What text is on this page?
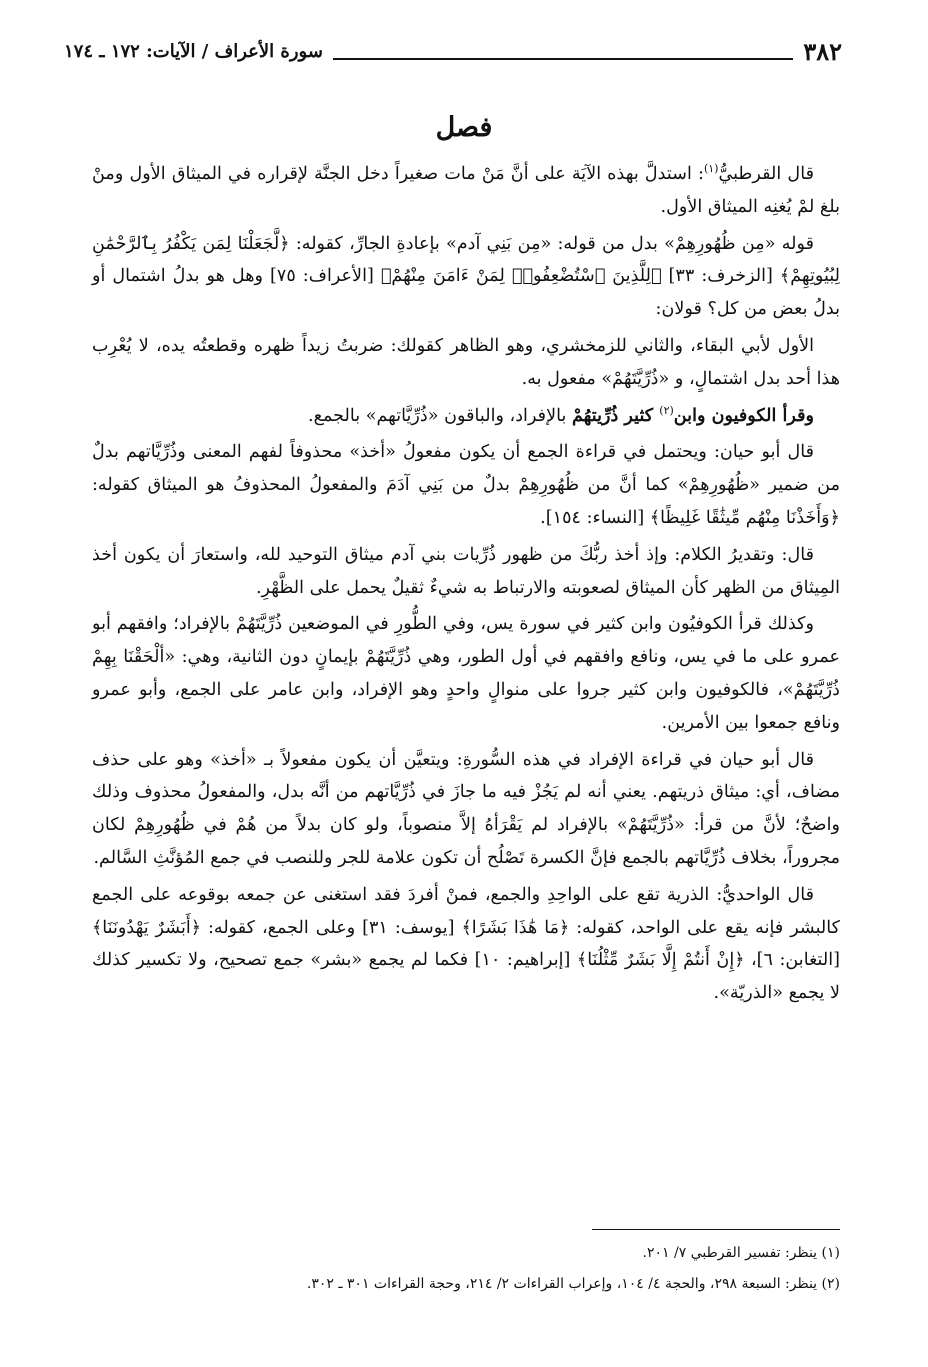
٣٨٢
سورة الأعراف / الآيات: ١٧٢ ـ ١٧٤
فصل

قال القرطبيُّ$^{(١)}$: استدلَّ بهذه الآيَة على أنَّ مَنْ مات صغيراً دخل الجنَّة لإقراره في الميثاق الأول ومنْ بلغ لمْ يُغنِه الميثاق الأول.

قوله «مِن ظُهُورِهِمْ» بدل من قوله: «مِن بَنِي آدم» بإعادةِ الجارِّ، كقوله: ﴿لَّجَعَلْنَا لِمَن يَكْفُرُ بِٱلرَّحْمَٰنِ لِبُيُوتِهِمْ﴾ [الزخرف: ٣٣] ﴿لِلَّذِينَ ٱسْتُضْعِفُوا۟ لِمَنْ ءَامَنَ مِنْهُمْ﴾ [الأعراف: ٧٥] وهل هو بدلُ اشتمال أو بدلُ بعض من كل؟ قولان:

الأول لأبي البقاء، والثاني للزمخشري، وهو الظاهر كقولك: ضربتُ زيداً ظهره وقطعتُه يده، لا يُعْرِب هذا أحد بدل اشتمالٍ، و «ذُرِّيَّتَهُمْ» مفعول به.

وقرأ الكوفيون وابن$^{(٢)}$ كثير ذُرِّيتهُمْ بالإفراد، والباقون «ذُرِّيَّاتهم» بالجمع.

قال أبو حيان: ويحتمل في قراءة الجمع أن يكون مفعولُ «أخذ» محذوفاً لفهم المعنى وذُرِّيَّاتهم بدلٌ من ضمير «ظُهُورِهِمْ» كما أنَّ من ظُهُورِهِمْ بدلٌ من بَنِي آدَمَ والمفعولُ المحذوفُ هو الميثاق كقوله: ﴿وَأَخَذْنَا مِنْهُم مِّيثَٰقًا غَلِيظًا﴾ [النساء: ١٥٤].

قال: وتقديرُ الكلام: وإذ أخذ ربُّكَ من ظهور ذُرِّيات بني آدم ميثاق التوحيد لله، واستعارَ أن يكون أخذ المِيثاق من الظهر كأن الميثاق لصعوبته والارتباط به شيءٌ ثقيلٌ يحمل على الظَّهْرِ.

وكذلك قرأ الكوفيُون وابن كثير في سورة يس، وفي الطُّورِ في الموضعين ذُرِّيَّتَهُمْ بالإفراد؛ وافقهم أبو عمرو على ما في يس، ونافع وافقهم في أول الطور، وهي ذُرِّيَّتَهُمْ بإيمانٍ دون الثانية، وهي: «ألْحَقْنَا بِهِمْ ذُرِّيَّتَهُمْ»، فالكوفيون وابن كثير جروا على منوالٍ واحدٍ وهو الإفراد، وابن عامر على الجمع، وأبو عمرو ونافع جمعوا بين الأمرين.

قال أبو حيان في قراءة الإفراد في هذه السُّورةِ: ويتعيَّن أن يكون مفعولاً بـ «أخذ» وهو على حذف مضاف، أي: ميثاق ذريتهم. يعني أنه لم يَجُزْ فيه ما جازَ في ذُرِّيَّاتهم من أنَّه بدل، والمفعولُ محذوف وذلك واضحٌ؛ لأنَّ من قرأ: «ذُرِّيَّتَهُمْ» بالإفراد لم يَقْرَأهُ إلاَّ منصوباً، ولو كان بدلاً من هُمْ في ظُهُورِهِمْ لكان مجروراً، بخلاف ذُرِّيَّاتهم بالجمع فإنَّ الكسرة تَصْلُح أن تكون علامة للجر وللنصب في جمع المُؤنَّثِ السَّالم.

قال الواحديُّ: الذرية تقع على الواحِدِ والجمع، فمنْ أفردَ فقد استغنى عن جمعه بوقوعه على الجمع كالبشر فإنه يقع على الواحد، كقوله: ﴿مَا هَٰذَا بَشَرًا﴾ [يوسف: ٣١] وعلى الجمع، كقوله: ﴿أَبَشَرٌ يَهْدُونَنَا﴾ [التغابن: ٦]، ﴿إِنْ أَنتُمْ إِلَّا بَشَرٌ مِّثْلُنَا﴾ [إبراهيم: ١٠] فكما لم يجمع «بشر» جمع تصحيح، ولا تكسير كذلك لا يجمع «الذريّة».

(١) ينظر: تفسير القرطبي ٧/ ٢٠١.
(٢) ينظر: السبعة ٢٩٨، والحجة ٤/ ١٠٤، وإعراب القراءات ٢/ ٢١٤، وحجة القراءات ٣٠١ ـ ٣٠٢.
